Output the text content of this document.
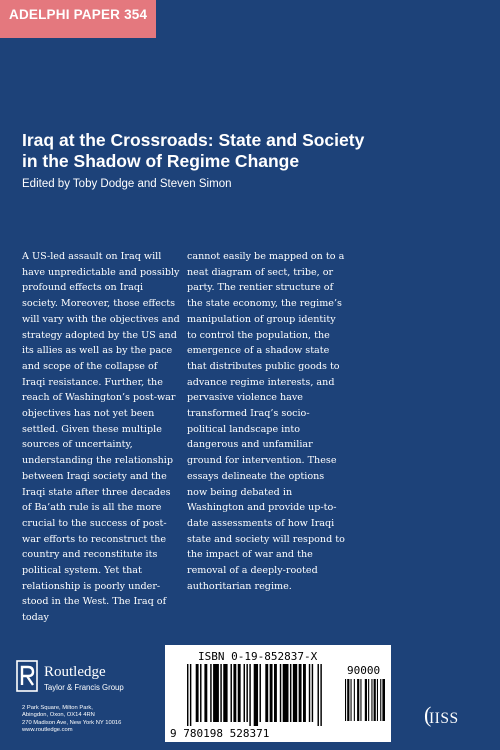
ADELPHI PAPER 354
Iraq at the Crossroads: State and Society
in the Shadow of Regime Change
Edited by Toby Dodge and Steven Simon

A US-led assault on Iraq will have unpredictable and possibly profound effects on Iraqi society. Moreover, those effects will vary with the objectives and strategy adopted by the US and its allies as well as by the pace and scope of the collapse of Iraqi resistance. Further, the reach of Washington’s post-war objectives has not yet been settled. Given these multiple sources of uncertainty, understanding the relationship between Iraqi society and the Iraqi state after three decades of Ba’ath rule is all the more crucial to the success of post-war efforts to reconstruct the country and reconstitute its political system. Yet that relationship is poorly under-stood in the West. The Iraq of today

cannot easily be mapped on to a neat diagram of sect, tribe, or party. The rentier structure of the state economy, the regime’s manipulation of group identity to control the population, the emergence of a shadow state that distributes public goods to advance regime interests, and pervasive violence have transformed Iraq’s socio-political landscape into dangerous and unfamiliar ground for intervention. These essays delineate the options now being debated in Washington and provide up-to-date assessments of how Iraqi state and society will respond to the impact of war and the removal of a deeply-rooted authoritarian regime.

ISBN 0-19-852837-X
90000
9 780198 528371
Routledge
Taylor & Francis Group
2 Park Square, Milton Park,
Abingdon, Oxon, OX14 4RN
270 Madison Ave, New York NY 10016
www.routledge.com
(
IISS
